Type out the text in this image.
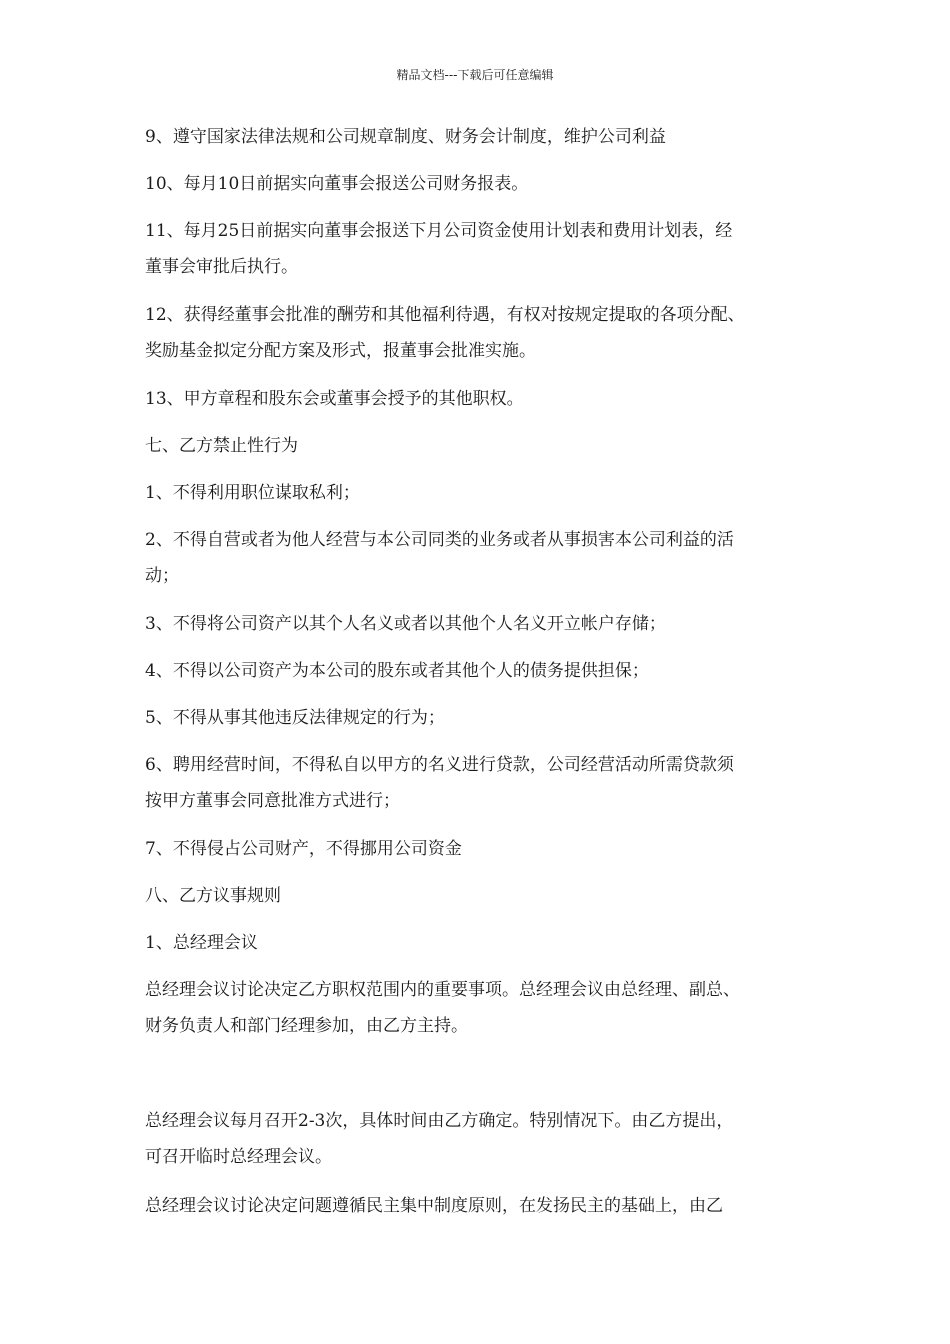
精品文档---下载后可任意编辑

9、遵守国家法律法规和公司规章制度、财务会计制度，维护公司利益

10、每月10日前据实向董事会报送公司财务报表。

11、每月25日前据实向董事会报送下月公司资金使用计划表和费用计划表，经
董事会审批后执行。

12、获得经董事会批准的酬劳和其他福利待遇，有权对按规定提取的各项分配、
奖励基金拟定分配方案及形式，报董事会批准实施。

13、甲方章程和股东会或董事会授予的其他职权。

七、乙方禁止性行为

1、不得利用职位谋取私利；

2、不得自营或者为他人经营与本公司同类的业务或者从事损害本公司利益的活
动；

3、不得将公司资产以其个人名义或者以其他个人名义开立帐户存储；

4、不得以公司资产为本公司的股东或者其他个人的债务提供担保；

5、不得从事其他违反法律规定的行为；

6、聘用经营时间，不得私自以甲方的名义进行贷款，公司经营活动所需贷款须
按甲方董事会同意批准方式进行；

7、不得侵占公司财产，不得挪用公司资金

八、乙方议事规则

1、总经理会议

总经理会议讨论决定乙方职权范围内的重要事项。总经理会议由总经理、副总、
财务负责人和部门经理参加，由乙方主持。

总经理会议每月召开2-3次，具体时间由乙方确定。特别情况下。由乙方提出，
可召开临时总经理会议。

总经理会议讨论决定问题遵循民主集中制度原则，在发扬民主的基础上，由乙
